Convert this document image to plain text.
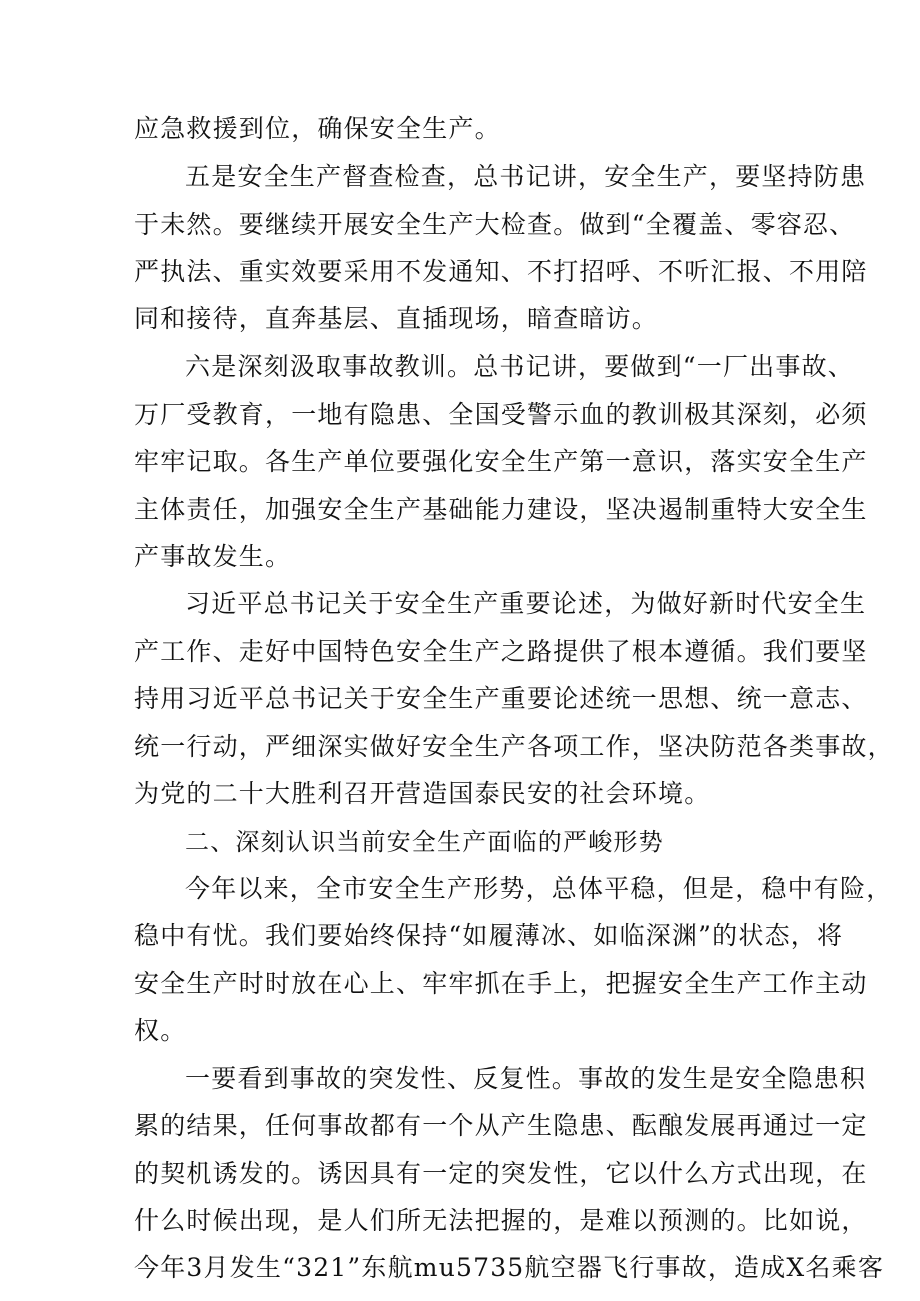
应急救援到位，确保安全生产。
五是安全生产督查检查，总书记讲，安全生产，要坚持防患
于未然。要继续开展安全生产大检查。做到“全覆盖、零容忍、
严执法、重实效要采用不发通知、不打招呼、不听汇报、不用陪
同和接待，直奔基层、直插现场，暗查暗访。
六是深刻汲取事故教训。总书记讲，要做到“一厂出事故、
万厂受教育，一地有隐患、全国受警示血的教训极其深刻，必须
牢牢记取。各生产单位要强化安全生产第一意识，落实安全生产
主体责任，加强安全生产基础能力建设，坚决遏制重特大安全生
产事故发生。
习近平总书记关于安全生产重要论述，为做好新时代安全生
产工作、走好中国特色安全生产之路提供了根本遵循。我们要坚
持用习近平总书记关于安全生产重要论述统一思想、统一意志、
统一行动，严细深实做好安全生产各项工作，坚决防范各类事故，
为党的二十大胜利召开营造国泰民安的社会环境。
二、深刻认识当前安全生产面临的严峻形势
今年以来，全市安全生产形势，总体平稳，但是，稳中有险，
稳中有忧。我们要始终保持“如履薄冰、如临深渊”的状态，将
安全生产时时放在心上、牢牢抓在手上，把握安全生产工作主动
权。
一要看到事故的突发性、反复性。事故的发生是安全隐患积
累的结果，任何事故都有一个从产生隐患、酝酿发展再通过一定
的契机诱发的。诱因具有一定的突发性，它以什么方式出现，在
什么时候出现，是人们所无法把握的，是难以预测的。比如说，
今年3月发生“321”东航mu5735航空器飞行事故，造成X名乘客
